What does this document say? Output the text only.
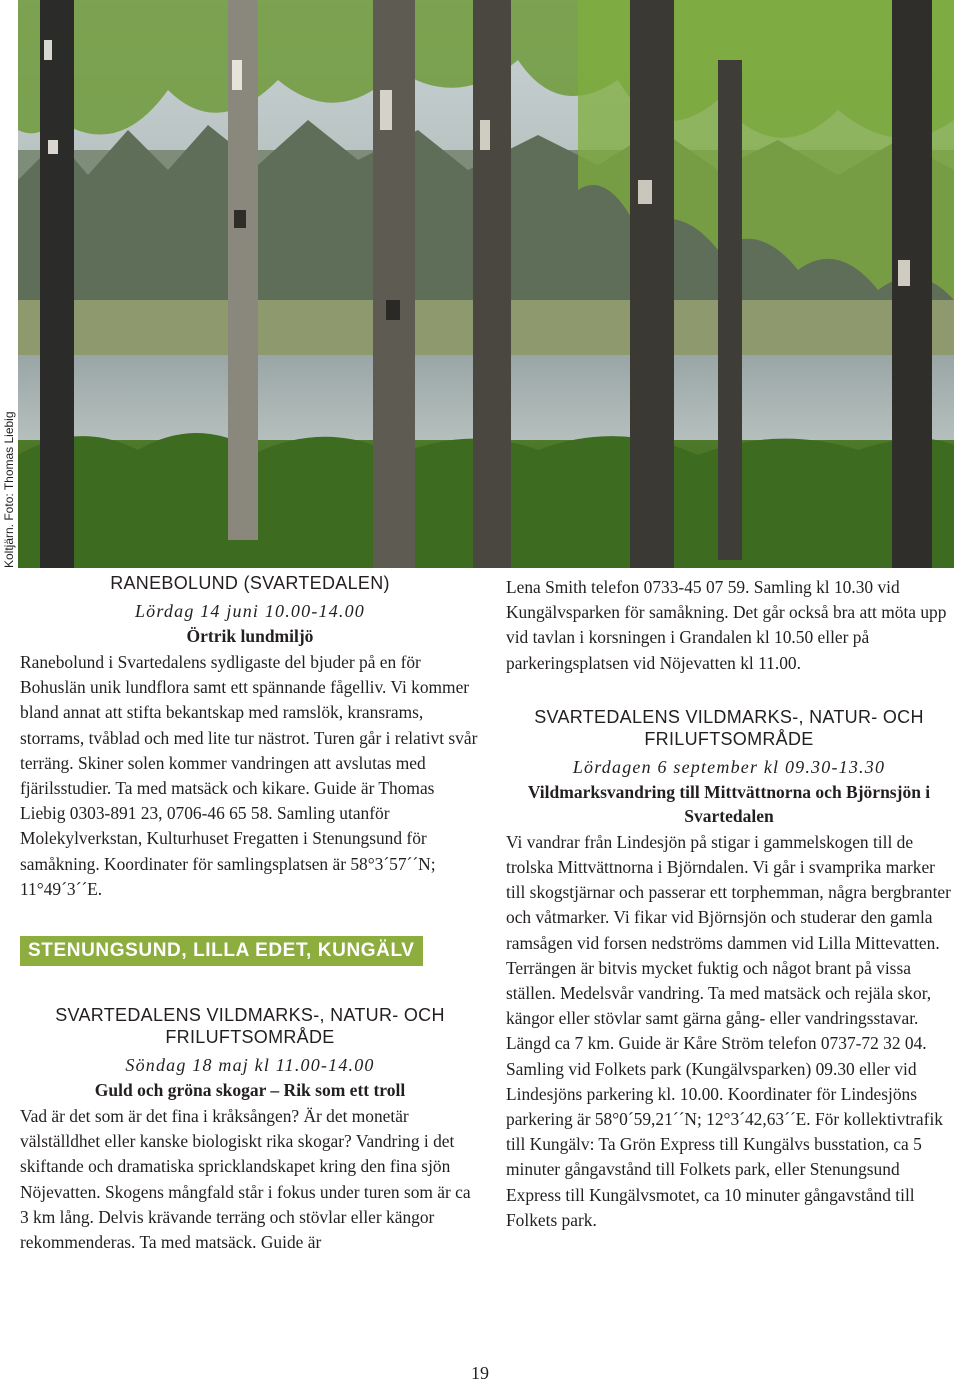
Koltjärn. Foto: Thomas Liebig
RANEBOLUND (SVARTEDALEN)
Lördag 14 juni 10.00-14.00
Örtrik lundmiljö

Ranebolund i Svartedalens sydligaste del bjuder på en för Bohuslän unik lundflora samt ett spännande fågelliv. Vi kommer bland annat att stifta bekantskap med ramslök, kransrams, storrams, tvåblad och med lite tur nästrot. Turen går i relativt svår terräng. Skiner solen kommer vandringen att avslutas med fjärilsstudier. Ta med matsäck och kikare. Guide är Thomas Liebig 0303-891 23, 0706-46 65 58. Samling utanför Molekylverkstan, Kulturhuset Fregatten i Stenungsund för samåkning. Koordinater för samlingsplatsen är 58°3´57´´N; 11°49´3´´E.

STENUNGSUND, LILLA EDET, KUNGÄLV
SVARTEDALENS VILDMARKS-, NATUR- OCH FRILUFTSOMRÅDE
Söndag 18 maj kl 11.00-14.00
Guld och gröna skogar – Rik som ett troll

Vad är det som är det fina i kråksången? Är det monetär välställdhet eller kanske biologiskt rika skogar? Vandring i det skiftande och dramatiska spricklandskapet kring den fina sjön Nöjevatten. Skogens mångfald står i fokus under turen som är ca 3 km lång. Delvis krävande terräng och stövlar eller kängor rekommenderas. Ta med matsäck. Guide är

Lena Smith telefon 0733-45 07 59. Samling kl 10.30 vid Kungälvsparken för samåkning. Det går också bra att möta upp vid tavlan i korsningen i Grandalen kl 10.50 eller på parkeringsplatsen vid Nöjevatten kl 11.00.

SVARTEDALENS VILDMARKS-, NATUR- OCH FRILUFTSOMRÅDE
Lördagen 6 september kl 09.30-13.30
Vildmarksvandring till Mittvättnorna och Björnsjön i Svartedalen

Vi vandrar från Lindesjön på stigar i gammelskogen till de trolska Mittvättnorna i Björndalen. Vi går i svamprika marker till skogstjärnar och passerar ett torphemman, några bergbranter och våtmarker. Vi fikar vid Björnsjön och studerar den gamla ramsågen vid forsen nedströms dammen vid Lilla Mittevatten. Terrängen är bitvis mycket fuktig och något brant på vissa ställen. Medelsvår vandring. Ta med matsäck och rejäla skor, kängor eller stövlar samt gärna gång- eller vandringsstavar. Längd ca 7 km. Guide är Kåre Ström telefon 0737-72 32 04. Samling vid Folkets park (Kungälvsparken) 09.30 eller vid Lindesjöns parkering kl. 10.00. Koordinater för Lindesjöns parkering är 58°0´59,21´´N; 12°3´42,63´´E. För kollektivtrafik till Kungälv: Ta Grön Express till Kungälvs busstation, ca 5 minuter gångavstånd till Folkets park, eller Stenungsund Express till Kungälvsmotet, ca 10 minuter gångavstånd till Folkets park.

19
